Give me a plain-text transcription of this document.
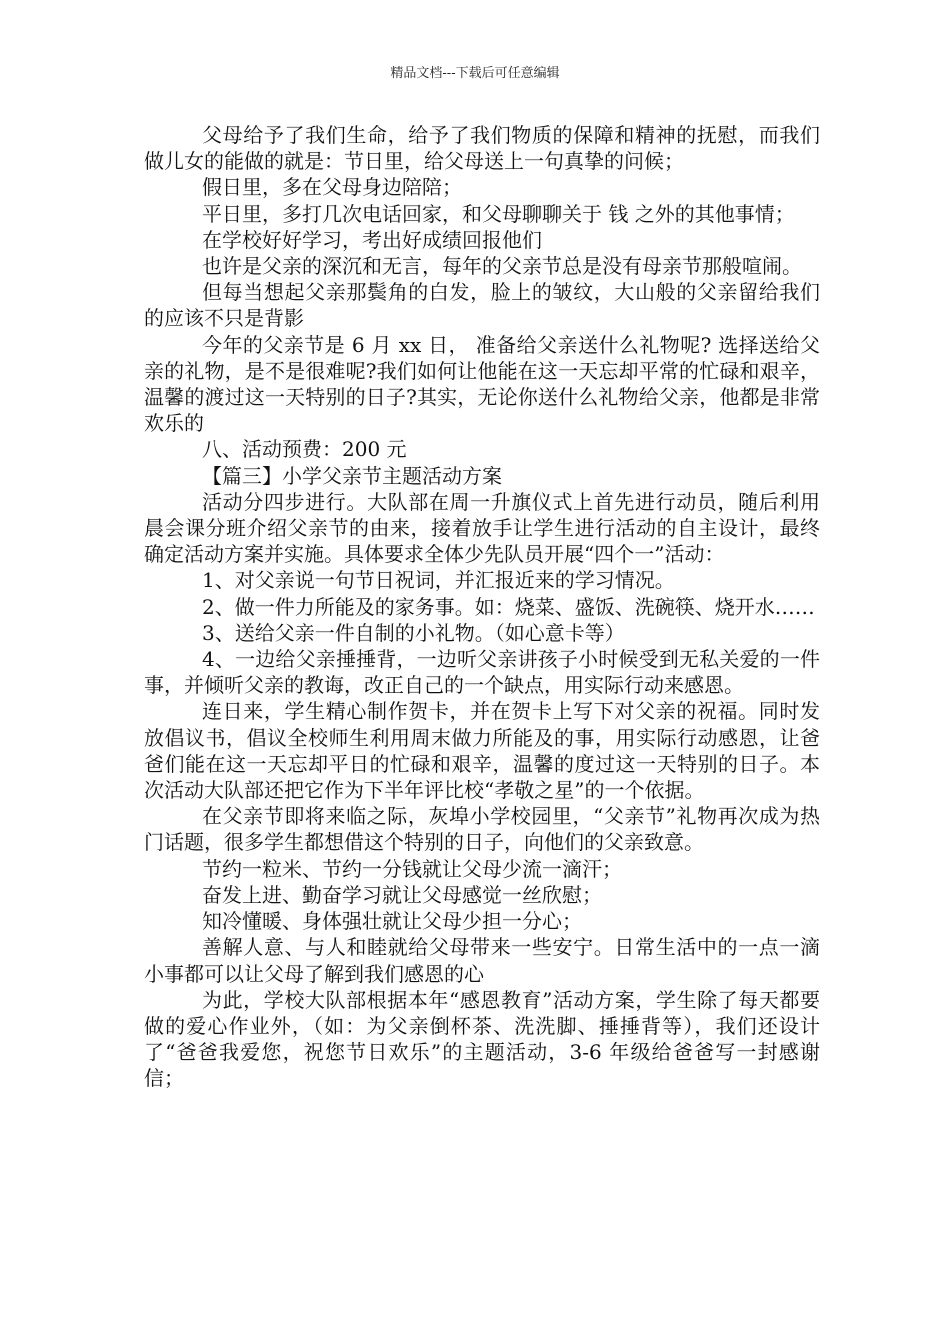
精品文档---下载后可任意编辑

父母给予了我们生命，给予了我们物质的保障和精神的抚慰，而我们做儿女的能做的就是：节日里，给父母送上一句真挚的问候；

假日里，多在父母身边陪陪；

平日里，多打几次电话回家，和父母聊聊关于 钱 之外的其他事情；

在学校好好学习，考出好成绩回报他们

也许是父亲的深沉和无言，每年的父亲节总是没有母亲节那般喧闹。

但每当想起父亲那鬓角的白发，脸上的皱纹，大山般的父亲留给我们的应该不只是背影

今年的父亲节是 6 月 xx 日， 准备给父亲送什么礼物呢? 选择送给父亲的礼物，是不是很难呢?我们如何让他能在这一天忘却平常的忙碌和艰辛，温馨的渡过这一天特别的日子?其实，无论你送什么礼物给父亲，他都是非常欢乐的

八、活动预费：200 元

【篇三】小学父亲节主题活动方案

活动分四步进行。大队部在周一升旗仪式上首先进行动员，随后利用晨会课分班介绍父亲节的由来，接着放手让学生进行活动的自主设计，最终确定活动方案并实施。具体要求全体少先队员开展“四个一”活动：

1、对父亲说一句节日祝词，并汇报近来的学习情况。

2、做一件力所能及的家务事。如：烧菜、盛饭、洗碗筷、烧开水……

3、送给父亲一件自制的小礼物。（如心意卡等）

4、一边给父亲捶捶背，一边听父亲讲孩子小时候受到无私关爱的一件事，并倾听父亲的教诲，改正自己的一个缺点，用实际行动来感恩。

连日来，学生精心制作贺卡，并在贺卡上写下对父亲的祝福。同时发放倡议书，倡议全校师生利用周末做力所能及的事，用实际行动感恩，让爸爸们能在这一天忘却平日的忙碌和艰辛，温馨的度过这一天特别的日子。本次活动大队部还把它作为下半年评比校“孝敬之星”的一个依据。

在父亲节即将来临之际，灰埠小学校园里，“父亲节”礼物再次成为热门话题，很多学生都想借这个特别的日子，向他们的父亲致意。

节约一粒米、节约一分钱就让父母少流一滴汗；

奋发上进、勤奋学习就让父母感觉一丝欣慰；

知冷懂暖、身体强壮就让父母少担一分心；

善解人意、与人和睦就给父母带来一些安宁。日常生活中的一点一滴小事都可以让父母了解到我们感恩的心

为此，学校大队部根据本年“感恩教育”活动方案，学生除了每天都要做的爱心作业外，（如：为父亲倒杯茶、洗洗脚、捶捶背等），我们还设计了“爸爸我爱您，祝您节日欢乐”的主题活动，3-6 年级给爸爸写一封感谢信；
